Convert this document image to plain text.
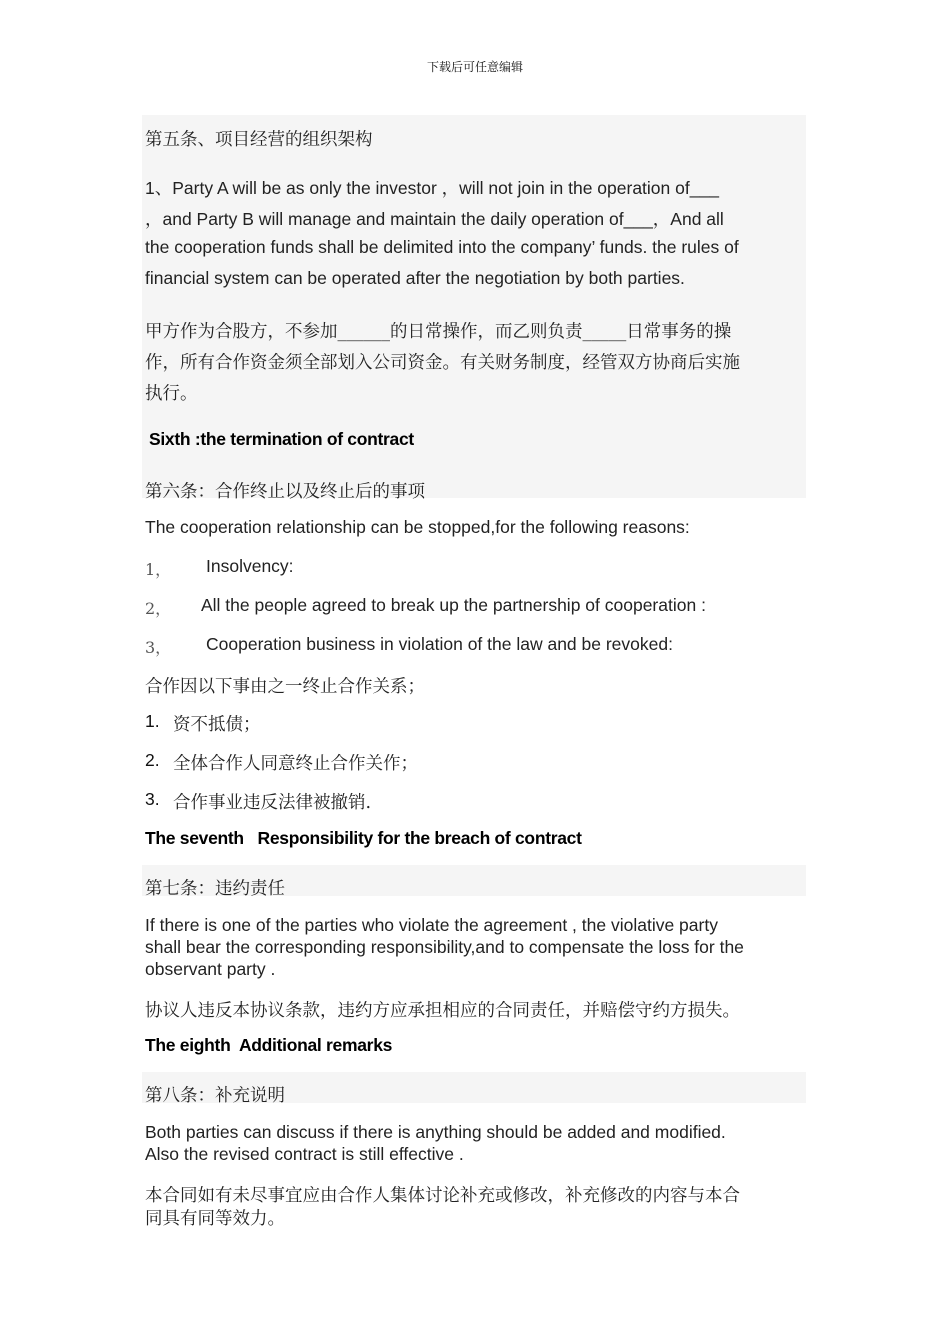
下载后可任意编辑
第五条、项目经营的组织架构
1、Party A will be as only the investor ，will not join in the operation of___
，and Party B will manage and maintain the daily operation of___，And all
the cooperation funds shall be delimited into the company’ funds. the rules of
financial system can be operated after the negotiation by both parties.
甲方作为合股方，不参加______的日常操作，而乙则负责_____日常事务的操
作，所有合作资金须全部划入公司资金。有关财务制度，经管双方协商后实施
执行。
Sixth :the termination of contract
第六条：合作终止以及终止后的事项
The cooperation relationship can be stopped,for the following reasons:
1， Insolvency:
2， All the people agreed to break up the partnership of cooperation :
3， Cooperation business in violation of the law and be revoked:
合作因以下事由之一终止合作关系；
1. 资不抵债；
2. 全体合作人同意终止合作关作；
3. 合作事业违反法律被撤销.
The seventh   Responsibility for the breach of contract
第七条：违约责任
If there is one of the parties who violate the agreement , the violative party
shall bear the corresponding responsibility,and to compensate the loss for the
observant party .
协议人违反本协议条款，违约方应承担相应的合同责任，并赔偿守约方损失。
The eighth  Additional remarks
第八条：补充说明
Both parties can discuss if there is anything should be added and modified.
Also the revised contract is still effective .
本合同如有未尽事宜应由合作人集体讨论补充或修改，补充修改的内容与本合
同具有同等效力。
